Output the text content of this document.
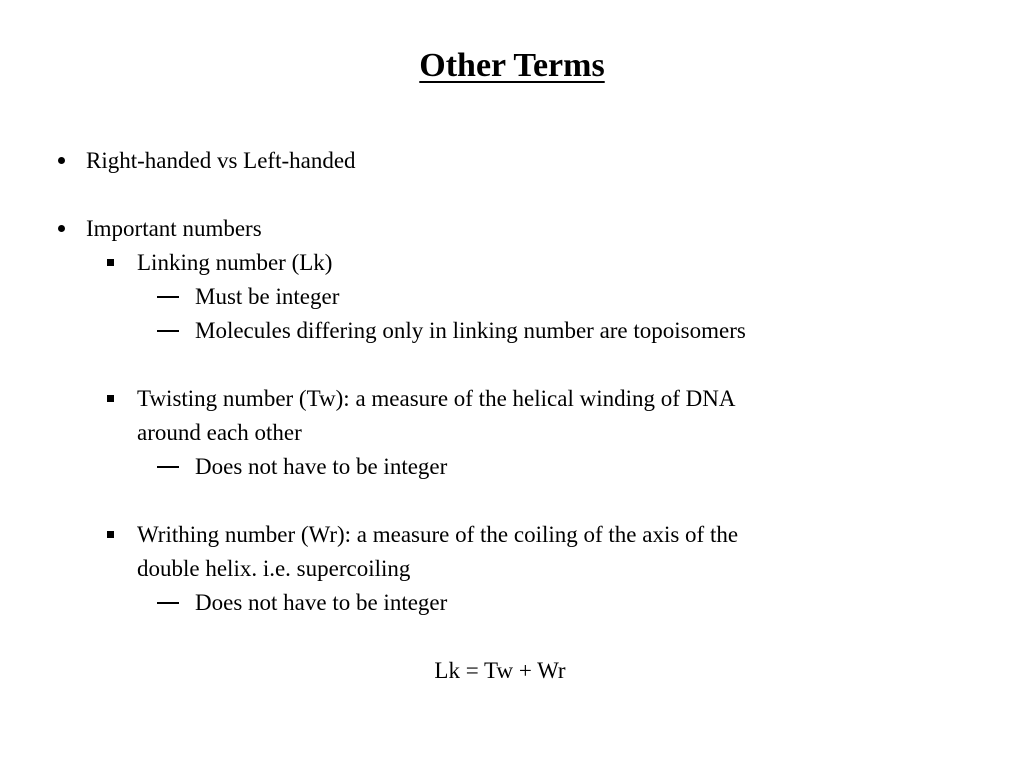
Other Terms
Right-handed vs Left-handed
Important numbers
Linking number (Lk)
Must be integer
Molecules differing only in linking number are topoisomers
Twisting number (Tw): a measure of the helical winding of DNA
around each other
Does not have to be integer
Writhing number (Wr): a measure of the coiling of the axis of the
double helix. i.e. supercoiling
Does not have to be integer
Lk = Tw + Wr
